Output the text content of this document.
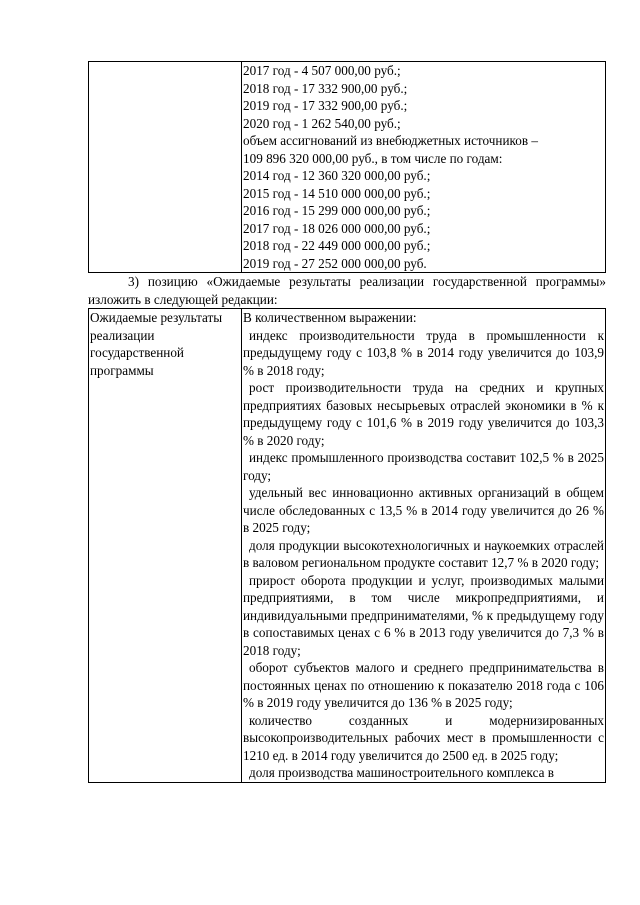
2017 год - 4 507 000,00 руб.;
2018 год - 17 332 900,00 руб.;
2019 год - 17 332 900,00 руб.;
2020 год - 1 262 540,00 руб.;
объем ассигнований из внебюджетных источников –
109 896 320 000,00 руб., в том числе по годам:
2014 год - 12 360 320 000,00 руб.;
2015 год - 14 510 000 000,00 руб.;
2016 год - 15 299 000 000,00 руб.;
2017 год - 18 026 000 000,00 руб.;
2018 год - 22 449 000 000,00 руб.;
2019 год - 27 252 000 000,00 руб.

3) позицию «Ожидаемые результаты реализации государственной программы» изложить в следующей редакции:

Ожидаемые результаты реализации государственной программы	
В количественном выражении:
индекс производительности труда в промышленности к предыдущему году с 103,8 % в 2014 году увеличится до 103,9 % в 2018 году;
рост производительности труда на средних и крупных предприятиях базовых несырьевых отраслей экономики в % к предыдущему году с 101,6 % в 2019 году увеличится до 103,3 % в 2020 году;
индекс промышленного производства составит 102,5 % в 2025 году;
удельный вес инновационно активных организаций в общем числе обследованных с 13,5 % в 2014 году увеличится до 26 % в 2025 году;
доля продукции высокотехнологичных и наукоемких отраслей в валовом региональном продукте составит 12,7 % в 2020 году;
прирост оборота продукции и услуг, производимых малыми предприятиями, в том числе микропредприятиями, и индивидуальными предпринимателями, % к предыдущему году в сопоставимых ценах с 6 % в 2013 году увеличится до 7,3 % в 2018 году;
оборот субъектов малого и среднего предпринимательства в постоянных ценах по отношению к показателю 2018 года с 106 % в 2019 году увеличится до 136 % в 2025 году;
количество созданных и модернизированных высокопроизводительных рабочих мест в промышленности с 1210 ед. в 2014 году увеличится до 2500 ед. в 2025 году;
доля производства машиностроительного комплекса в
